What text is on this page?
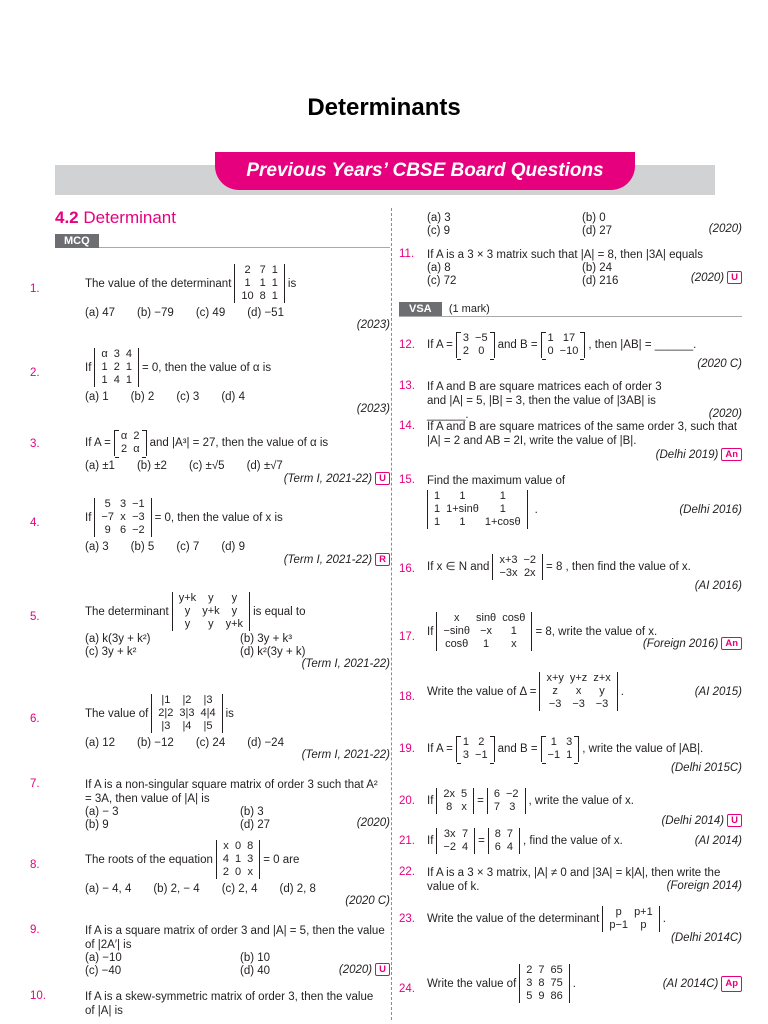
Determinants
Previous Years’ CBSE Board Questions
4.2 Determinant
MCQ
1.	The value of the determinant
2	7	1
1	1	1
10	8	1
is
(a) 47 (b) −79 (c) 49 (d) −51
(2023)
2.	If
α	3	4
1	2	1
1	4	1
= 0, then the value of α is
(a) 1 (b) 2 (c) 3 (d) 4
(2023)
3.	If A =
α	2
2	α and |A³| = 27, then the value of α is
(a) ±1 (b) ±2 (c) ±√5 (d) ±√7
(Term I, 2021-22) U
4.	If
5	3	−1
−7	x	−3
9	6	−2
= 0, then the value of x is
(a) 3 (b) 5 (c) 7 (d) 9
(Term I, 2021-22) R
5.	The determinant
y+k	y	y
y	y+k	y
y	y	y+k
is equal to
(a) k(3y + k²)	(b) 3y + k³
(c) 3y + k²	(d) k²(3y + k)
(Term I, 2021-22)
6.	The value of
|1	|2	|3
2|2	3|3	4|4
|3	|4	|5
is
(a) 12 (b) −12 (c) 24 (d) −24
(Term I, 2021-22)
7.	If A is a non-singular square matrix of order 3 such that A² = 3A, then value of |A| is
(a) − 3	(b) 3
(b) 9	(d) 27	(2020)
8.	The roots of the equation
x	0	8
4	1	3
2	0	x
= 0 are
(a) − 4, 4 (b) 2, − 4 (c) 2, 4 (d) 2, 8
(2020 C)
9.	If A is a square matrix of order 3 and |A| = 5, then the value of |2A′| is
(a) −10	(b) 10
(c) −40	(d) 40	(2020) U
10.	If A is a skew-symmetric matrix of order 3, then the value of |A| is
(a) 3	(b) 0
(c) 9	(d) 27	(2020)
11. If A is a 3 × 3 matrix such that |A| = 8, then |3A| equals
(a) 8	(b) 24
(c) 72	(d) 216	(2020) U
VSA (1 mark)
12. If A =
3	−5
2	0 and B =
1	17
0	−10 , then |AB| = ______.
(2020 C)
13. If A and B are square matrices each of order 3 and |A| = 5, |B| = 3, then the value of |3AB| is ______.	(2020)
14. If A and B are square matrices of the same order 3, such that |A| = 2 and AB = 2I, write the value of |B|.
(Delhi 2019) An
15. Find the maximum value of
1	1	1
1	1+sinθ	1
1	1	1+cosθ
.	(Delhi 2016)
16. If x ∈ N and
x+3	−2
−3x	2x = 8 , then find the value of x.
(AI 2016)
17. If
x	sinθ	cosθ
−sinθ	−x	1
cosθ	1	x
= 8, write the value of x.
(Foreign 2016) An
18. Write the value of Δ =
x+y	y+z	z+x
z	x	y
−3	−3	−3
.	(AI 2015)
19. If A =
1	2
3	−1 and B =
1	3
−1	1 , write the value of |AB|.
(Delhi 2015C)
20. If
2x	5
8	x =
6	−2
7	3 , write the value of x.
(Delhi 2014) U
21. If
3x	7
−2	4 =
8	7
6	4 , find the value of x.	(AI 2014)
22. If A is a 3 × 3 matrix, |A| ≠ 0 and |3A| = k|A|, then write the value of k.	(Foreign 2014)
23. Write the value of the determinant
p	p+1
p−1	p .
(Delhi 2014C)
24. Write the value of
2	7	65
3	8	75
5	9	86
.	(AI 2014C) Ap
